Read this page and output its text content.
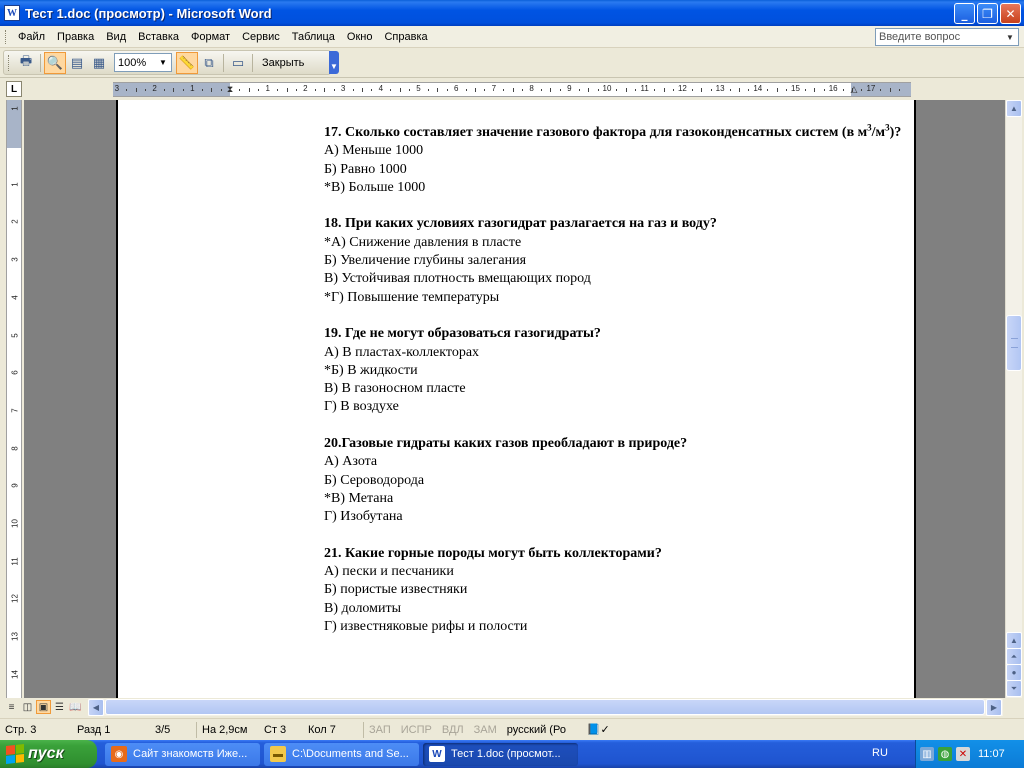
W Тест 1.doc (просмотр) - Microsoft Word	_	❐	✕
Файл	Правка	Вид	Вставка	Формат	Сервис	Таблица	Окно	Справка	Введите вопрос	▼
🖶	🔍 ▤ ▦	100%	▼ 📏 ⧉	▭	Закрыть	▼
L	3	2	1	1	2	3	4	5	6	7	8	9	10	11	12	13	14	15	16	17
⧗	△
1
1
2
3
4
5
6
7
8
9
10
11
12
13
14
17. Сколько составляет значение газового фактора для газоконденсатных систем (в $м^3/м^3$)?
А) Меньше 1000
Б) Равно 1000
*В) Больше 1000
18. При каких условиях газогидрат разлагается на газ и воду?
*А) Снижение давления в пласте
Б) Увеличение глубины залегания
В) Устойчивая плотность вмещающих пород
*Г) Повышение температуры
19. Где не могут образоваться газогидраты?
А) В пластах-коллекторах
*Б) В жидкости
В) В газоносном пласте
Г) В воздухе
20.Газовые гидраты каких газов преобладают в природе?
А) Азота
Б) Сероводорода
*В) Метана
Г) Изобутана
21. Какие горные породы могут быть коллекторами?
А) пески и песчаники
Б) пористые известняки
В) доломиты
Г) известняковые рифы и полости
▲
▲
⏶
●
⏷
≡ ◫ ▣ ☰ 📖	◀	▶
Стр. 3	Разд 1	3/5	На 2,9см	Ст 3	Кол 7	ЗАП ИСПР ВДЛ ЗАМ русский (Ро	📘✓
пуск	◉ Сайт знакомств Иже...	▬ C:\Documents and Se...	W Тест 1.doc (просмот...	RU	▥ ◍ ✕ 11:07
